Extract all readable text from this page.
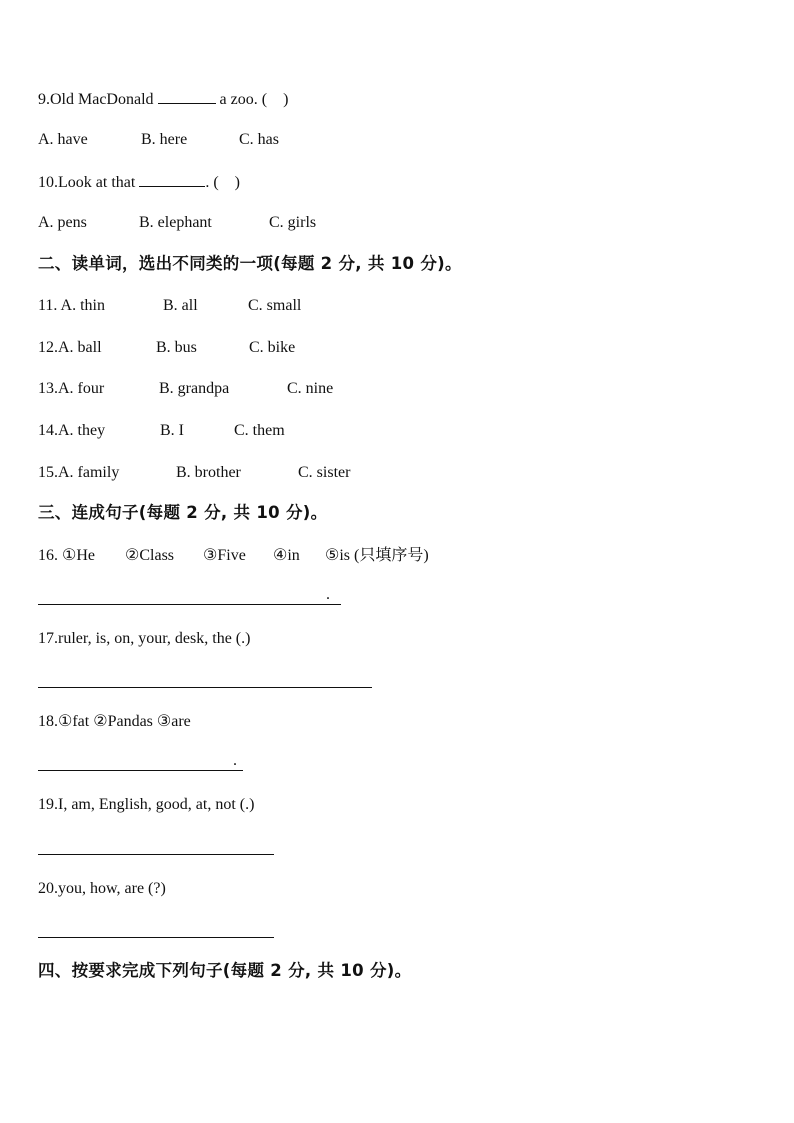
9.Old MacDonald	a zoo. (    )
A. have	B. here	C. has
10.Look at that	. (    )
A. pens	B. elephant	C. girls
二、读单词，选出不同类的一项(每题 2 分, 共 10 分)。
11. A. thin	B. all	C. small
12.A. ball	B. bus	C. bike
13.A. four	B. grandpa	C. nine
14.A. they	B. I	C. them
15.A. family	B. brother	C. sister
三、连成句子(每题 2 分, 共 10 分)。
16. ①He ②Class ③Five ④in ⑤is (只填序号)
.
17.ruler, is, on, your, desk, the (.)
18.①fat ②Pandas ③are
.
19.I, am, English, good, at, not (.)
20.you, how, are (?)
四、按要求完成下列句子(每题 2 分, 共 10 分)。
